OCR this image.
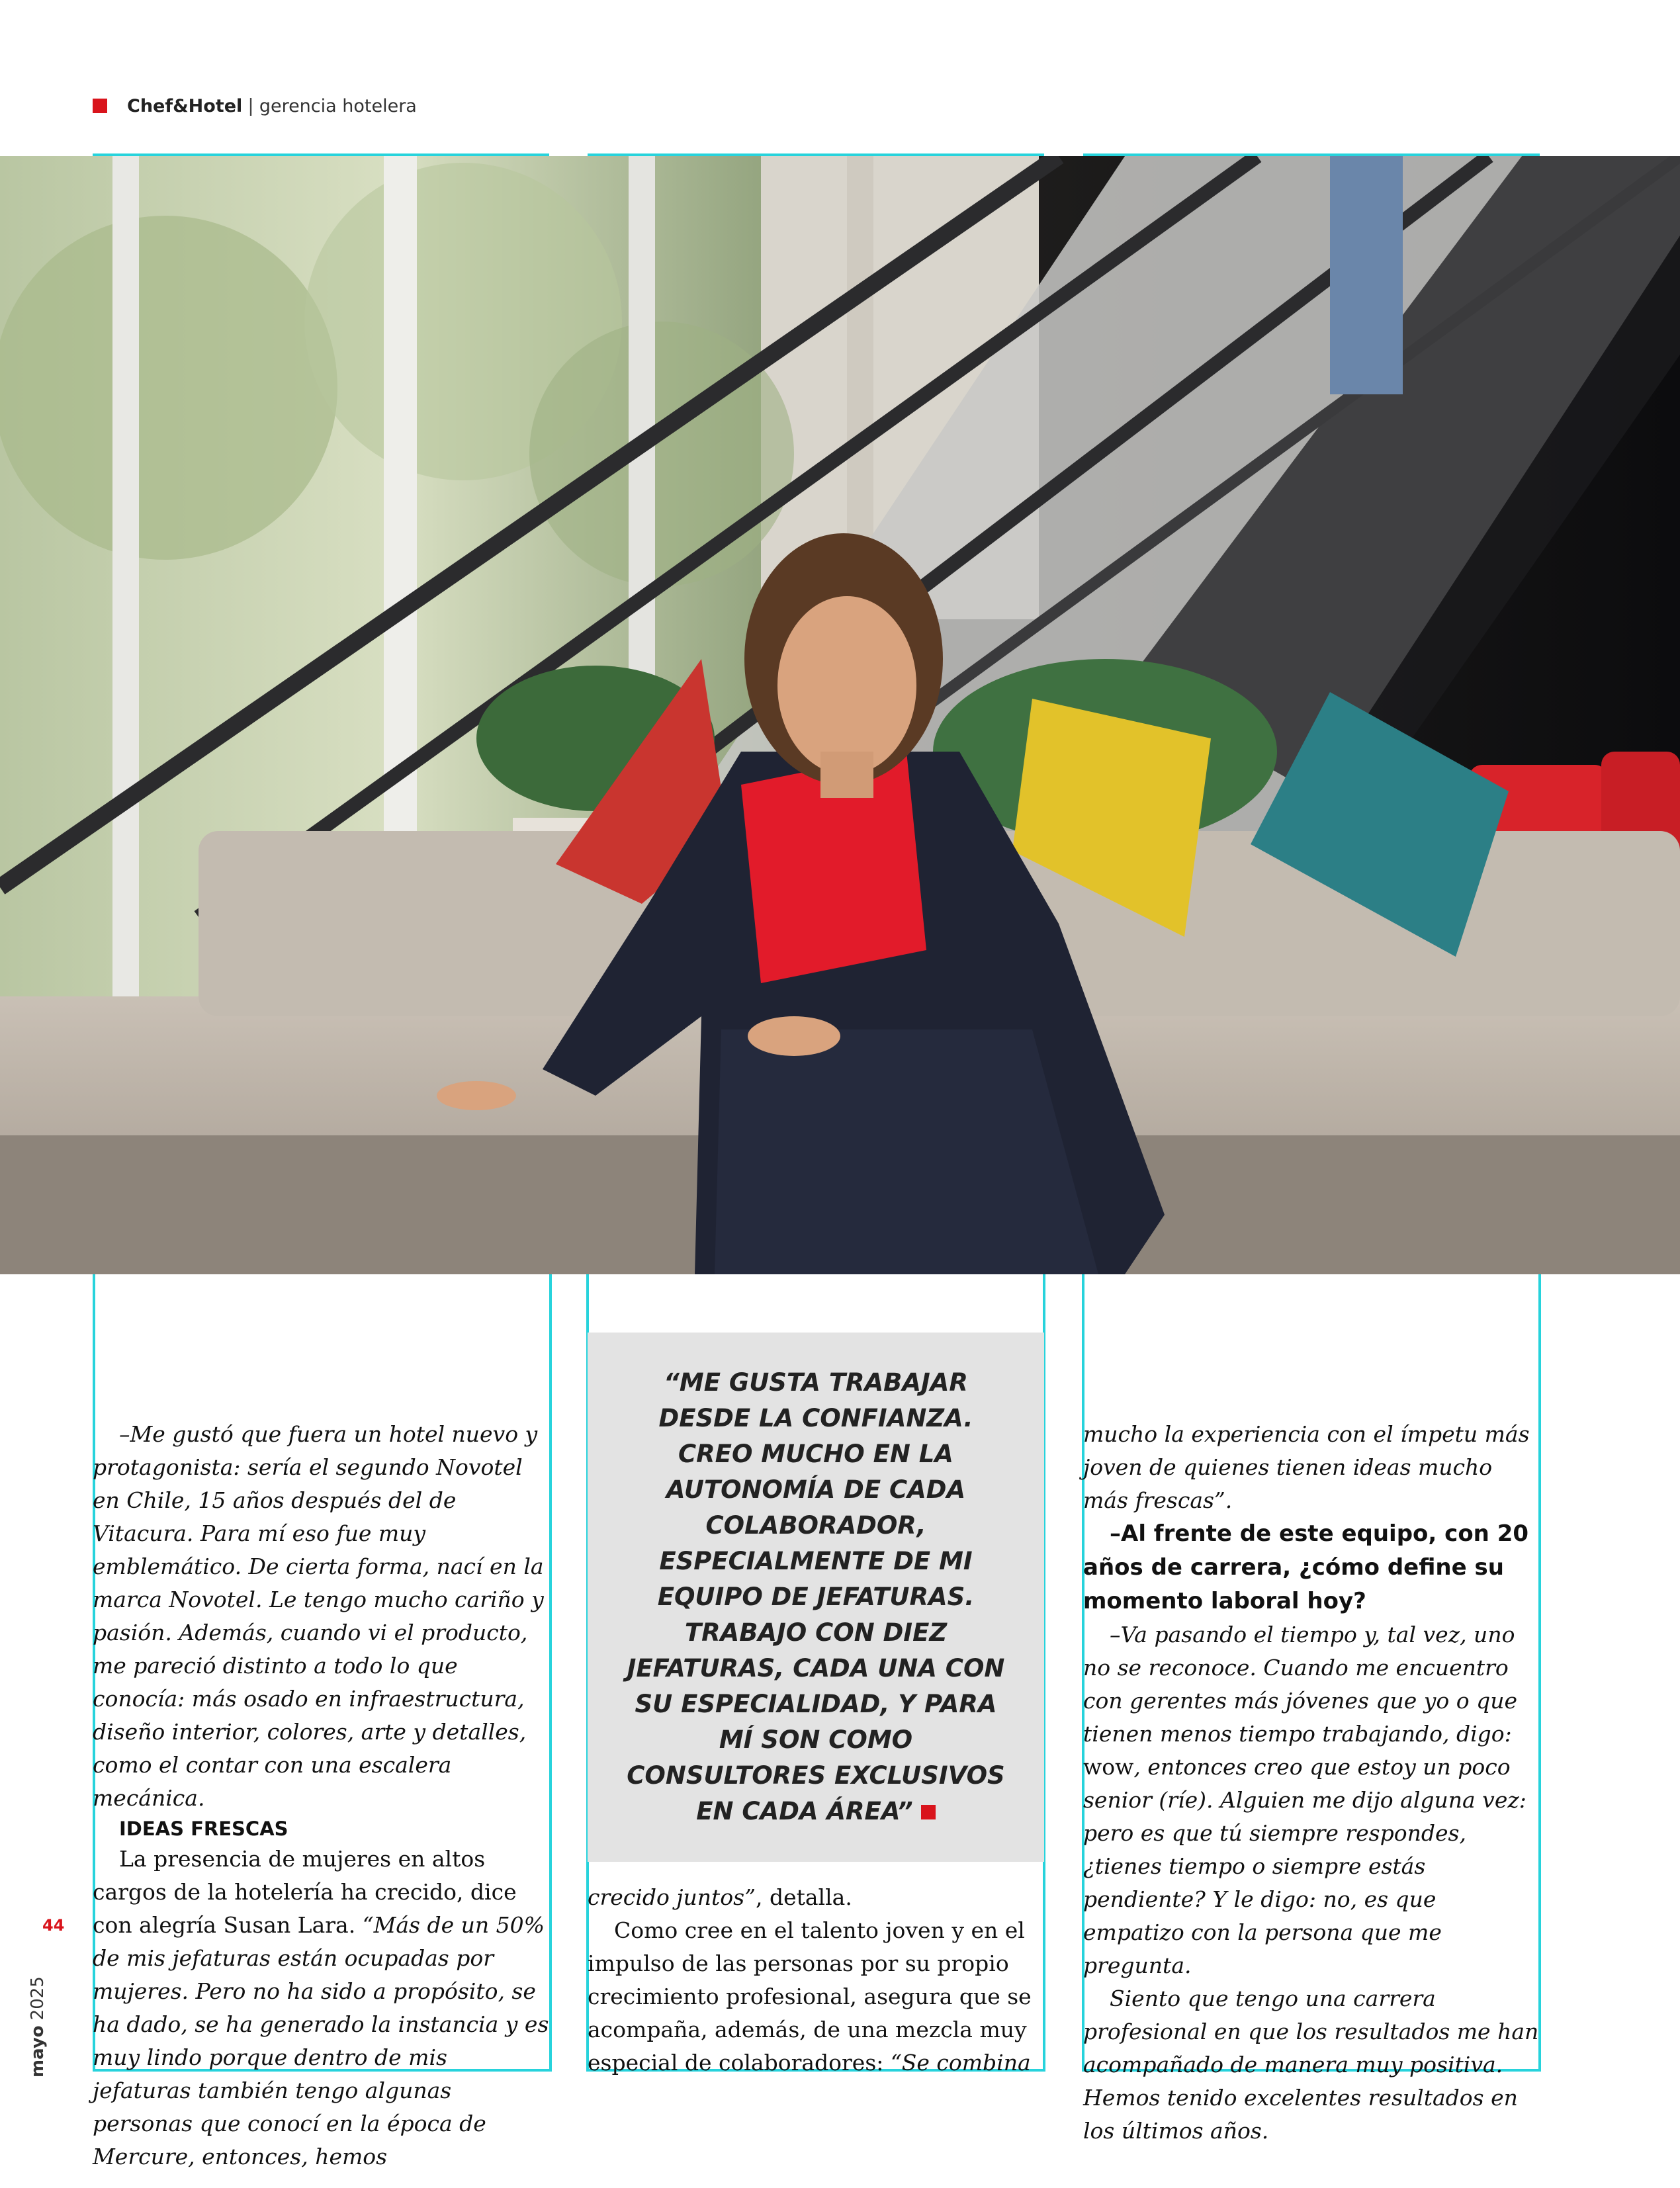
Chef&Hotel | gerencia hotelera

–Me gustó que fuera un hotel nuevo y protagonista: sería el segundo Novotel en Chile, 15 años después del de Vitacura. Para mí eso fue muy emblemático. De cierta forma, nací en la marca Novotel. Le tengo mucho cariño y pasión. Además, cuando vi el producto, me pareció distinto a todo lo que conocía: más osado en infraestructura, diseño interior, colores, arte y detalles, como el contar con una escalera mecánica.

IDEAS FRESCAS

La presencia de mujeres en altos cargos de la hotelería ha crecido, dice con alegría Susan Lara. “Más de un 50% de mis jefaturas están ocupadas por mujeres. Pero no ha sido a propósito, se ha dado, se ha generado la instancia y es muy lindo porque dentro de mis jefaturas también tengo algunas personas que conocí en la época de Mercure, entonces, hemos

“ME GUSTA TRABAJAR DESDE LA CONFIANZA. CREO MUCHO EN LA AUTONOMÍA DE CADA COLABORADOR, ESPECIALMENTE DE MI EQUIPO DE JEFATURAS. TRABAJO CON DIEZ JEFATURAS, CADA UNA CON SU ESPECIALIDAD, Y PARA MÍ SON COMO CONSULTORES EXCLUSIVOS EN CADA ÁREA”

crecido juntos”, detalla.

Como cree en el talento joven y en el impulso de las personas por su propio crecimiento profesional, asegura que se acompaña, además, de una mezcla muy especial de colaboradores: “Se combina

mucho la experiencia con el ímpetu más joven de quienes tienen ideas mucho más frescas”.

–Al frente de este equipo, con 20 años de carrera, ¿cómo define su momento laboral hoy?

–Va pasando el tiempo y, tal vez, uno no se reconoce. Cuando me encuentro con gerentes más jóvenes que yo o que tienen menos tiempo trabajando, digo: wow, entonces creo que estoy un poco senior (ríe). Alguien me dijo alguna vez: pero es que tú siempre respondes, ¿tienes tiempo o siempre estás pendiente? Y le digo: no, es que empatizo con la persona que me pregunta.

Siento que tengo una carrera profesional en que los resultados me han acompañado de manera muy positiva. Hemos tenido excelentes resultados en los últimos años.

44
mayo2025
